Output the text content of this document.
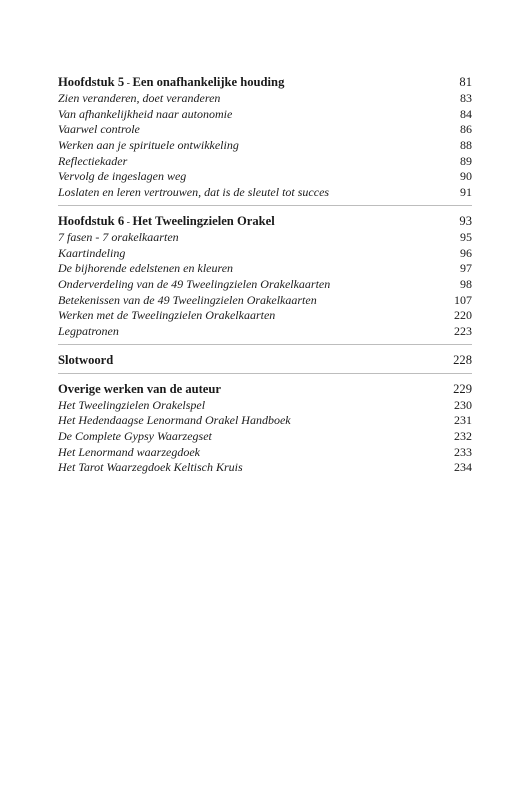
Hoofdstuk 5 - Een onafhankelijke houding	81
Zien veranderen, doet veranderen	83
Van afhankelijkheid naar autonomie	84
Vaarwel controle	86
Werken aan je spirituele ontwikkeling	88
Reflectiekader	89
Vervolg de ingeslagen weg	90
Loslaten en leren vertrouwen, dat is de sleutel tot succes	91
Hoofdstuk 6 - Het Tweelingzielen Orakel	93
7 fasen - 7 orakelkaarten	95
Kaartindeling	96
De bijhorende edelstenen en kleuren	97
Onderverdeling van de 49 Tweelingzielen Orakelkaarten	98
Betekenissen van de 49 Tweelingzielen Orakelkaarten	107
Werken met de Tweelingzielen Orakelkaarten	220
Legpatronen	223
Slotwoord	228
Overige werken van de auteur	229
Het Tweelingzielen Orakelspel	230
Het Hedendaagse Lenormand Orakel Handboek	231
De Complete Gypsy Waarzegset	232
Het Lenormand waarzegdoek	233
Het Tarot Waarzegdoek Keltisch Kruis	234
